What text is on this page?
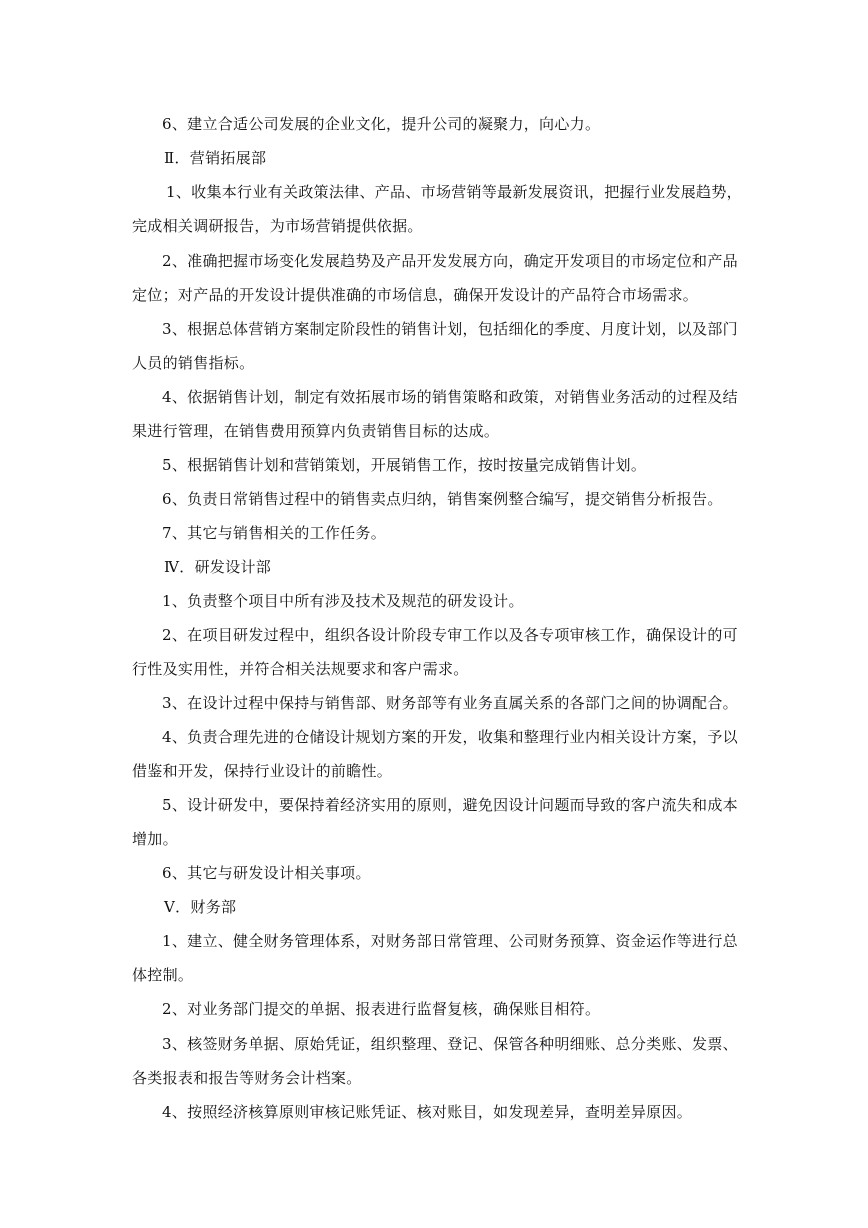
6、建立合适公司发展的企业文化，提升公司的凝聚力，向心力。
Ⅱ．营销拓展部
1、收集本行业有关政策法律、产品、市场营销等最新发展资讯，把握行业发展趋势，
完成相关调研报告，为市场营销提供依据。
2、准确把握市场变化发展趋势及产品开发发展方向，确定开发项目的市场定位和产品
定位；对产品的开发设计提供准确的市场信息，确保开发设计的产品符合市场需求。
3、根据总体营销方案制定阶段性的销售计划，包括细化的季度、月度计划，以及部门
人员的销售指标。
4、依据销售计划，制定有效拓展市场的销售策略和政策，对销售业务活动的过程及结
果进行管理，在销售费用预算内负责销售目标的达成。
5、根据销售计划和营销策划，开展销售工作，按时按量完成销售计划。
6、负责日常销售过程中的销售卖点归纳，销售案例整合编写，提交销售分析报告。
7、其它与销售相关的工作任务。
Ⅳ．研发设计部
1、负责整个项目中所有涉及技术及规范的研发设计。
2、在项目研发过程中，组织各设计阶段专审工作以及各专项审核工作，确保设计的可
行性及实用性，并符合相关法规要求和客户需求。
3、在设计过程中保持与销售部、财务部等有业务直属关系的各部门之间的协调配合。
4、负责合理先进的仓储设计规划方案的开发，收集和整理行业内相关设计方案，予以
借鉴和开发，保持行业设计的前瞻性。
5、设计研发中，要保持着经济实用的原则，避免因设计问题而导致的客户流失和成本
增加。
6、其它与研发设计相关事项。
Ⅴ．财务部
1、建立、健全财务管理体系，对财务部日常管理、公司财务预算、资金运作等进行总
体控制。
2、对业务部门提交的单据、报表进行监督复核，确保账目相符。
3、核签财务单据、原始凭证，组织整理、登记、保管各种明细账、总分类账、发票、
各类报表和报告等财务会计档案。
4、按照经济核算原则审核记账凭证、核对账目，如发现差异，查明差异原因。
